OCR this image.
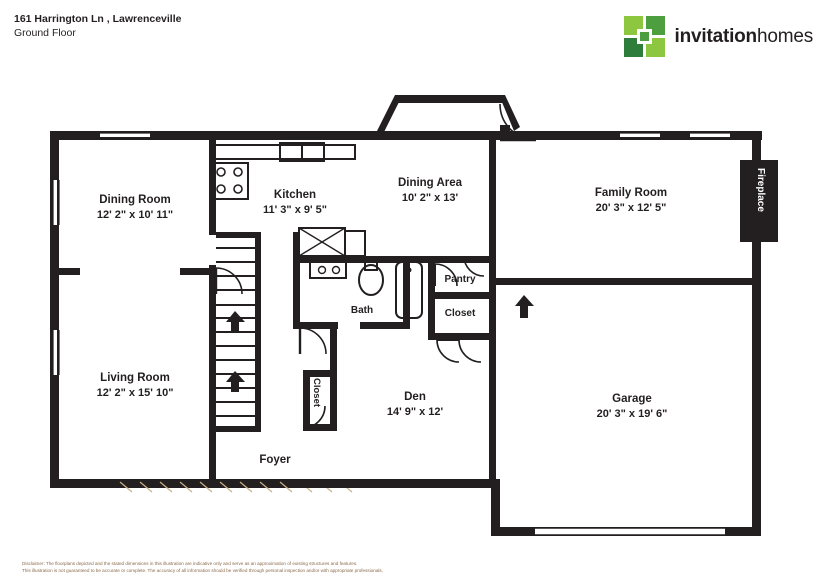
161 Harrington Ln , Lawrenceville
Ground Floor	invitationhomes
Dining Room
12' 2" x 10' 11"
Kitchen
11' 3" x 9' 5"
Dining Area
10' 2" x 13'	Family Room
20' 3" x 12' 5"
Living Room
12' 2" x 15' 10"	Den
14' 9" x 12'
Garage
20' 3" x 19' 6"
Bath
Pantry
Closet
Foyer
Fireplace
Closet
Disclaimer: The floorplans depicted and the stated dimensions in this illustration are indicative only and serve as an approximation of existing structures and features.
This illustration is not guaranteed to be accurate or complete. The accuracy of all information should be verified through personal inspection and/or with appropriate professionals.
